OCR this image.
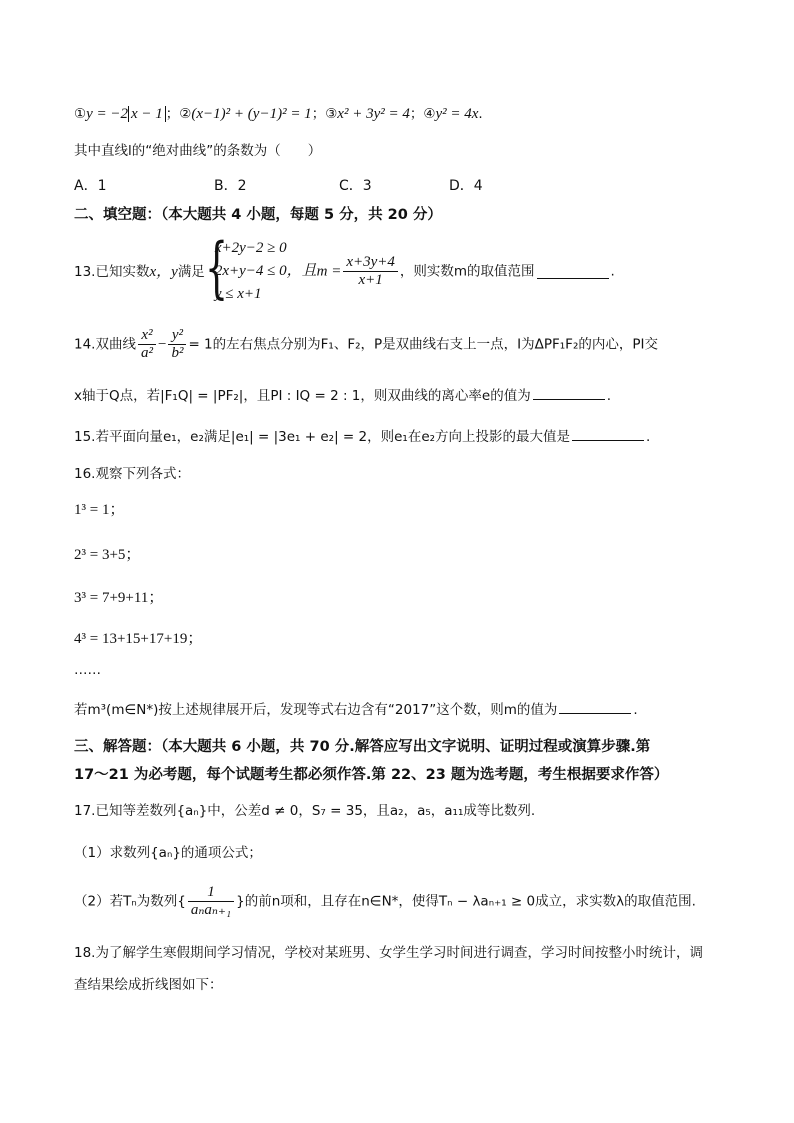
①y = −2 x − 1 ；②(x−1)² + (y−1)² = 1；③x² + 3y² = 4；④y² = 4x.
其中直线l的“绝对曲线”的条数为（　　）
A．1	B．2	C．3	D．4
二、填空题：（本大题共 4 小题，每题 5 分，共 20 分）
13.已知实数x，y满足 {
x+2y−2 ≥ 0
2x+y−4 ≤ 0，且
y ≤ x+1
$m = \frac{x+3y+4}{x+1}$ ，则实数m的取值范围	.
14.双曲线 $\frac{\text{x²}}{\text{a²}} - \frac{\text{y²}}{\text{b²}} = 1$的左右焦点分别为F₁、F₂，P是双曲线右支上一点，I为ΔPF₁F₂的内心，PI交
x轴于Q点，若|F₁Q| = |PF₂|，且PI : IQ = 2 : 1，则双曲线的离心率e的值为	.
15.若平面向量e₁，e₂满足|e₁| = |3e₁ + e₂| = 2，则e₁在e₂方向上投影的最大值是	.
16.观察下列各式：
1³ = 1；
2³ = 3+5；
3³ = 7+9+11；
4³ = 13+15+17+19；
……
若m³(m∈N*)按上述规律展开后，发现等式右边含有“2017”这个数，则m的值为	.
三、解答题：（本大题共 6 小题，共 70 分.解答应写出文字说明、证明过程或演算步骤.第
17～21 为必考题，每个试题考生都必须作答.第 22、23 题为选考题，考生根据要求作答）
17.已知等差数列{aₙ}中，公差d ≠ 0，S₇ = 35，且a₂，a₅，a₁₁成等比数列.
（1）求数列{aₙ}的通项公式；
（2）若Tₙ为数列{ $\frac{1}{\text{aₙaₙ₊₁}}$ }的前n项和，且存在n∈N*，使得Tₙ − λaₙ₊₁ ≥ 0成立，求实数λ的取值范围.
18.为了解学生寒假期间学习情况，学校对某班男、女学生学习时间进行调查，学习时间按整小时统计，调
查结果绘成折线图如下：
